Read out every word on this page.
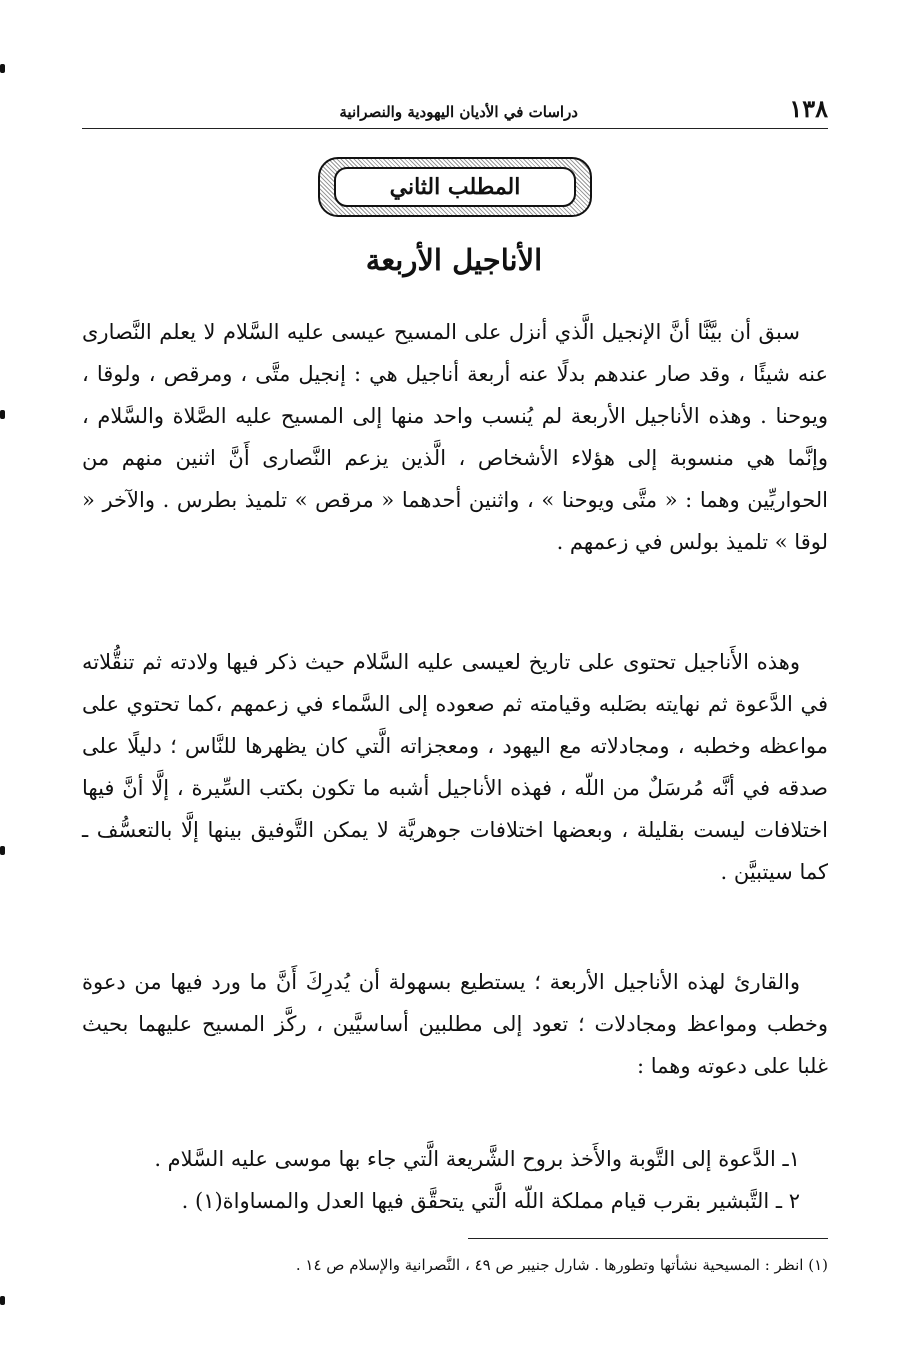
١٣٨
دراسات في الأديان اليهودية والنصرانية
المطلب الثاني
الأناجيل الأربعة

سبق أن بيَّنَّا أنَّ الإنجيل الَّذي أنزل على المسيح عيسى عليه السَّلام لا يعلم النَّصارى عنه شيئًا ، وقد صار عندهم بدلًا عنه أربعة أناجيل هي : إنجيل متَّى ، ومرقص ، ولوقا ، ويوحنا . وهذه الأناجيل الأربعة لم يُنسب واحد منها إلى المسيح عليه الصَّلاة والسَّلام ، وإنَّما هي منسوبة إلى هؤلاء الأشخاص ، الَّذين يزعم النَّصارى أَنَّ اثنين منهم من الحواريِّين وهما : « متَّى ويوحنا » ، واثنين أحدهما « مرقص » تلميذ بطرس . والآخر « لوقا » تلميذ بولس في زعمهم .

وهذه الأَناجيل تحتوى على تاريخ لعيسى عليه السَّلام حيث ذكر فيها ولادته ثم تنقُّلاته في الدَّعوة ثم نهايته بصَلبه وقيامته ثم صعوده إلى السَّماء في زعمهم ،كما تحتوي على مواعظه وخطبه ، ومجادلاته مع اليهود ، ومعجزاته الَّتي كان يظهرها للنَّاس ؛ دليلًا على صدقه في أنَّه مُرسَلٌ من اللّه ، فهذه الأناجيل أشبه ما تكون بكتب السِّيرة ، إلَّا أنَّ فيها اختلافات ليست بقليلة ، وبعضها اختلافات جوهريَّة لا يمكن التَّوفيق بينها إلَّا بالتعسُّف ـ كما سيتبيَّن .

والقارئ لهذه الأناجيل الأربعة ؛ يستطيع بسهولة أن يُدرِكَ أَنَّ ما ورد فيها من دعوة وخطب ومواعظ ومجادلات ؛ تعود إلى مطلبين أساسيَّين ، ركَّز المسيح عليهما بحيث غلبا على دعوته وهما :

١ـ الدَّعوة إلى التَّوبة والأَخذ بروح الشَّريعة الَّتي جاء بها موسى عليه السَّلام .

٢ ـ التَّبشير بقرب قيام مملكة اللّه الَّتي يتحقَّق فيها العدل والمساواة(١) .

(١) انظر : المسيحية نشأتها وتطورها . شارل جنيبر ص ٤٩ ، النَّصرانية والإسلام ص ١٤ .
